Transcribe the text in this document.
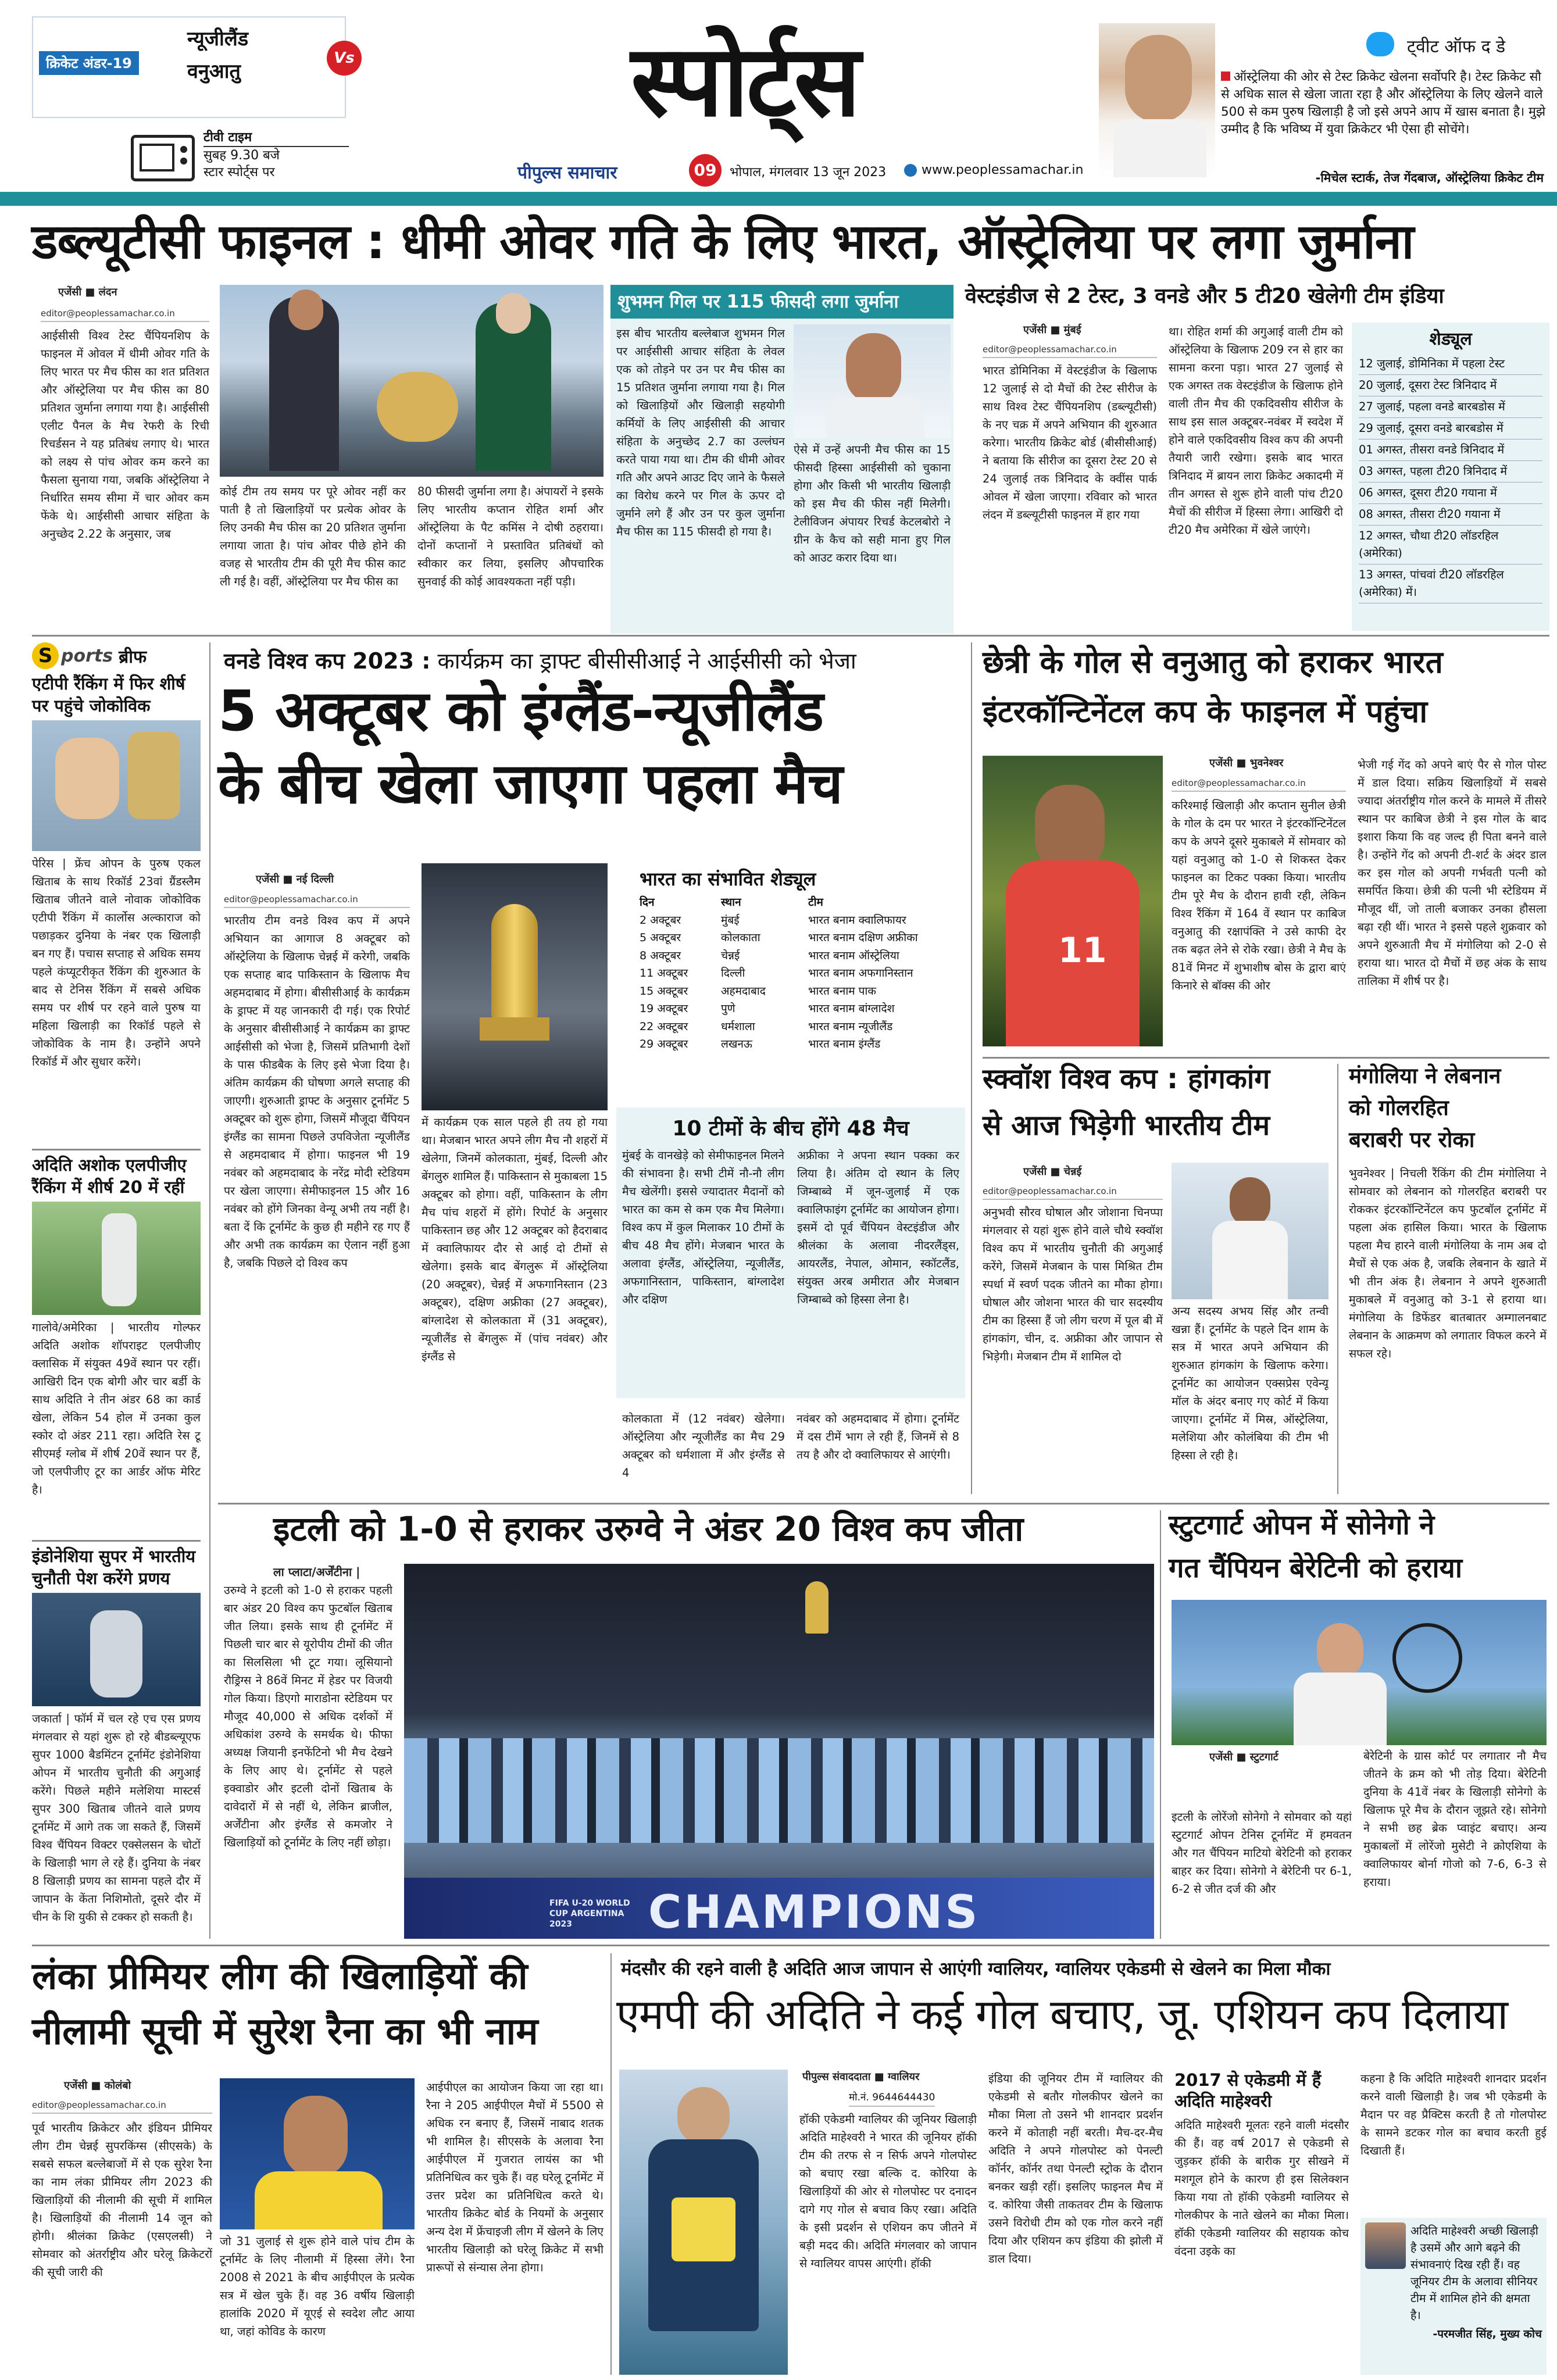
क्रिकेट अंडर-19
न्यूजीलैंड
Vs
वनुआतु
टीवी टाइम
सुबह 9.30 बजे
स्टार स्पोर्ट्स पर
स्पोर्ट्स
पीपुल्स समाचार	09	भोपाल, मंगलवार 13 जून 2023	www.peoplessamachar.in
ट्वीट ऑफ द डे
ऑस्ट्रेलिया की ओर से टेस्ट क्रिकेट खेलना सर्वोपरि है। टेस्ट क्रिकेट सौ से अधिक साल से खेला जाता रहा है और ऑस्ट्रेलिया के लिए खेलने वाले 500 से कम पुरुष खिलाड़ी है जो इसे अपने आप में खास बनाता है। मुझे उम्मीद है कि भविष्य में युवा क्रिकेटर भी ऐसा ही सोचेंगे।
-मिचेल स्टार्क, तेज गेंदबाज, ऑस्ट्रेलिया क्रिकेट टीम
डब्ल्यूटीसी फाइनल : धीमी ओवर गति के लिए भारत, ऑस्ट्रेलिया पर लगा जुर्माना
एजेंसी ■ लंदन
editor@peoplessamachar.co.in
आईसीसी विश्व टेस्ट चैंपियनशिप के फाइनल में ओवल में धीमी ओवर गति के लिए भारत पर मैच फीस का शत प्रतिशत और ऑस्ट्रेलिया पर मैच फीस का 80 प्रतिशत जुर्माना लगाया गया है। आईसीसी एलीट पैनल के मैच रेफरी के रिची रिचर्डसन ने यह प्रतिबंध लगाए थे। भारत को लक्ष्य से पांच ओवर कम करने का फैसला सुनाया गया, जबकि ऑस्ट्रेलिया ने निर्धारित समय सीमा में चार ओवर कम फेंके थे। आईसीसी आचार संहिता के अनुच्छेद 2.22 के अनुसार, जब
कोई टीम तय समय पर पूरे ओवर नहीं कर पाती है तो खिलाड़ियों पर प्रत्येक ओवर के लिए उनकी मैच फीस का 20 प्रतिशत जुर्माना लगाया जाता है। पांच ओवर पीछे होने की वजह से भारतीय टीम की पूरी मैच फीस काट ली गई है। वहीं, ऑस्ट्रेलिया पर मैच फीस का
80 फीसदी जुर्माना लगा है। अंपायरों ने इसके लिए भारतीय कप्तान रोहित शर्मा और ऑस्ट्रेलिया के पैट कमिंस ने दोषी ठहराया। दोनों कप्तानों ने प्रस्तावित प्रतिबंधों को स्वीकार कर लिया, इसलिए औपचारिक सुनवाई की कोई आवश्यकता नहीं पड़ी।
शुभमन गिल पर 115 फीसदी लगा जुर्माना
इस बीच भारतीय बल्लेबाज शुभमन गिल पर आईसीसी आचार संहिता के लेवल एक को तोड़ने पर उन पर मैच फीस का 15 प्रतिशत जुर्माना लगाया गया है। गिल को खिलाड़ियों और खिलाड़ी सहयोगी कर्मियों के लिए आईसीसी की आचार संहिता के अनुच्छेद 2.7 का उल्लंघन करते पाया गया था। टीम की धीमी ओवर गति और अपने आउट दिए जाने के फैसले का विरोध करने पर गिल के ऊपर दो जुर्माने लगे हैं और उन पर कुल जुर्माना मैच फीस का 115 फीसदी हो गया है।
ऐसे में उन्हें अपनी मैच फीस का 15 फीसदी हिस्सा आईसीसी को चुकाना होगा और किसी भी भारतीय खिलाड़ी को इस मैच की फीस नहीं मिलेगी। टेलीविजन अंपायर रिचर्ड केटलबोरो ने ग्रीन के कैच को सही माना हुए गिल को आउट करार दिया था।
वेस्टइंडीज से 2 टेस्ट, 3 वनडे और 5 टी20 खेलेगी टीम इंडिया
एजेंसी ■ मुंबई
editor@peoplessamachar.co.in
भारत डोमिनिका में वेस्टइंडीज के खिलाफ 12 जुलाई से दो मैचों की टेस्ट सीरीज के साथ विश्व टेस्ट चैंपियनशिप (डब्ल्यूटीसी) के नए चक्र में अपने अभियान की शुरुआत करेगा। भारतीय क्रिकेट बोर्ड (बीसीसीआई) ने बताया कि सीरीज का दूसरा टेस्ट 20 से 24 जुलाई तक त्रिनिदाद के क्वींस पार्क ओवल में खेला जाएगा। रविवार को भारत लंदन में डब्ल्यूटीसी फाइनल में हार गया
था। रोहित शर्मा की अगुआई वाली टीम को ऑस्ट्रेलिया के खिलाफ 209 रन से हार का सामना करना पड़ा। भारत 27 जुलाई से एक अगस्त तक वेस्टइंडीज के खिलाफ होने वाली तीन मैच की एकदिवसीय सीरीज के साथ इस साल अक्टूबर-नवंबर में स्वदेश में होने वाले एकदिवसीय विश्व कप की अपनी तैयारी जारी रखेगा। इसके बाद भारत त्रिनिदाद में ब्रायन लारा क्रिकेट अकादमी में तीन अगस्त से शुरू होने वाली पांच टी20 मैचों की सीरीज में हिस्सा लेगा। आखिरी दो टी20 मैच अमेरिका में खेले जाएंगे।
शेड्यूल
12 जुलाई, डोमिनिका में पहला टेस्ट
20 जुलाई, दूसरा टेस्ट त्रिनिदाद में
27 जुलाई, पहला वनडे बारबडोस में
29 जुलाई, दूसरा वनडे बारबडोस में
01 अगस्त, तीसरा वनडे त्रिनिदाद में
03 अगस्त, पहला टी20 त्रिनिदाद में
06 अगस्त, दूसरा टी20 गयाना में
08 अगस्त, तीसरा टी20 गयाना में
12 अगस्त, चौथा टी20 लॉडरहिल (अमेरिका)
13 अगस्त, पांचवां टी20 लॉडरहिल (अमेरिका) में।
S ports ब्रीफ
एटीपी रैंकिंग में फिर शीर्ष पर पहुंचे जोकोविक

पेरिस | फ्रेंच ओपन के पुरुष एकल खिताब के साथ रिकॉर्ड 23वां ग्रैंडस्लैम खिताब जीतने वाले नोवाक जोकोविक एटीपी रैंकिंग में कार्लोस अल्काराज को पछाड़कर दुनिया के नंबर एक खिलाड़ी बन गए हैं। पचास सप्ताह से अधिक समय पहले कंप्यूटरीकृत रैंकिंग की शुरुआत के बाद से टेनिस रैंकिंग में सबसे अधिक समय पर शीर्ष पर रहने वाले पुरुष या महिला खिलाड़ी का रिकॉर्ड पहले से जोकोविक के नाम है। उन्होंने अपने रिकॉर्ड में और सुधार करेंगे।
अदिति अशोक एलपीजीए रैंकिंग में शीर्ष 20 में रहीं
गालोवे/अमेरिका | भारतीय गोल्फर अदिति अशोक शॉपराइट एलपीजीए क्लासिक में संयुक्त 49वें स्थान पर रहीं। आखिरी दिन एक बोगी और चार बर्डी के साथ अदिति ने तीन अंडर 68 का कार्ड खेला, लेकिन 54 होल में उनका कुल स्कोर दो अंडर 211 रहा। अदिति रेस टू सीएमई ग्लोब में शीर्ष 20वें स्थान पर हैं, जो एलपीजीए टूर का आर्डर ऑफ मेरिट है।
इंडोनेशिया सुपर में भारतीय चुनौती पेश करेंगे प्रणय
जकार्ता | फॉर्म में चल रहे एच एस प्रणय मंगलवार से यहां शुरू हो रहे बीडब्ल्यूएफ सुपर 1000 बैडमिंटन टूर्नामेंट इंडोनेशिया ओपन में भारतीय चुनौती की अगुआई करेंगे। पिछले महीने मलेशिया मास्टर्स सुपर 300 खिताब जीतने वाले प्रणय टूर्नामेंट में आगे तक जा सकते हैं, जिसमें विश्व चैंपियन विक्टर एक्सेलसन के चोटों के खिलाड़ी भाग ले रहे हैं। दुनिया के नंबर 8 खिलाड़ी प्रणय का सामना पहले दौर में जापान के केंता निशिमोतो, दूसरे दौर में चीन के शि युकी से टक्कर हो सकती है।
वनडे विश्व कप 2023 : कार्यक्रम का ड्राफ्ट बीसीसीआई ने आईसीसी को भेजा
5 अक्टूबर को इंग्लैंड-न्यूजीलैंड
के बीच खेला जाएगा पहला मैच
एजेंसी ■ नई दिल्ली
editor@peoplessamachar.co.in
भारतीय टीम वनडे विश्व कप में अपने अभियान का आगाज 8 अक्टूबर को ऑस्ट्रेलिया के खिलाफ चेन्नई में करेगी, जबकि एक सप्ताह बाद पाकिस्तान के खिलाफ मैच अहमदाबाद में होगा। बीसीसीआई के कार्यक्रम के ड्राफ्ट में यह जानकारी दी गई। एक रिपोर्ट के अनुसार बीसीसीआई ने कार्यक्रम का ड्राफ्ट आईसीसी को भेजा है, जिसमें प्रतिभागी देशों के पास फीडबैक के लिए इसे भेजा दिया है। अंतिम कार्यक्रम की घोषणा अगले सप्ताह की जाएगी। शुरुआती ड्राफ्ट के अनुसार टूर्नामेंट 5 अक्टूबर को शुरू होगा, जिसमें मौजूदा चैंपियन इंग्लैंड का सामना पिछले उपविजेता न्यूजीलैंड से अहमदाबाद में होगा। फाइनल भी 19 नवंबर को अहमदाबाद के नरेंद्र मोदी स्टेडियम पर खेला जाएगा। सेमीफाइनल 15 और 16 नवंबर को होंगे जिनका वेन्यू अभी तय नहीं है। बता दें कि टूर्नामेंट के कुछ ही महीने रह गए हैं और अभी तक कार्यक्रम का ऐलान नहीं हुआ है, जबकि पिछले दो विश्व कप
भारत का संभावित शेड्यूल
दिन	स्थान	टीम
2 अक्टूबर	मुंबई	भारत बनाम क्वालिफायर
5 अक्टूबर	कोलकाता	भारत बनाम दक्षिण अफ्रीका
8 अक्टूबर	चेन्नई	भारत बनाम ऑस्ट्रेलिया
11 अक्टूबर	दिल्ली	भारत बनाम अफगानिस्तान
15 अक्टूबर	अहमदाबाद	भारत बनाम पाक
19 अक्टूबर	पुणे	भारत बनाम बांग्लादेश
22 अक्टूबर	धर्मशाला	भारत बनाम न्यूजीलैंड
29 अक्टूबर	लखनऊ	भारत बनाम इंग्लैंड
में कार्यक्रम एक साल पहले ही तय हो गया था। मेजबान भारत अपने लीग मैच नौ शहरों में खेलेगा, जिनमें कोलकाता, मुंबई, दिल्ली और बेंगलुरु शामिल हैं। पाकिस्तान से मुकाबला 15 अक्टूबर को होगा। वहीं, पाकिस्तान के लीग मैच पांच शहरों में होंगे। रिपोर्ट के अनुसार पाकिस्तान छह और 12 अक्टूबर को हैदराबाद में क्वालिफायर दौर से आई दो टीमों से खेलेगा। इसके बाद बेंगलुरू में ऑस्ट्रेलिया (20 अक्टूबर), चेन्नई में अफगानिस्तान (23 अक्टूबर), दक्षिण अफ्रीका (27 अक्टूबर), बांग्लादेश से कोलकाता में (31 अक्टूबर), न्यूजीलैंड से बेंगलुरू में (पांच नवंबर) और इंग्लैंड से
10 टीमों के बीच होंगे 48 मैच
मुंबई के वानखेड़े को सेमीफाइनल मिलने की संभावना है। सभी टीमें नौ-नौ लीग मैच खेलेंगी। इससे ज्यादातर मैदानों को भारत का कम से कम एक मैच मिलेगा। विश्व कप में कुल मिलाकर 10 टीमों के बीच 48 मैच होंगे। मेजबान भारत के अलावा इंग्लैंड, ऑस्ट्रेलिया, न्यूजीलैंड, अफगानिस्तान, पाकिस्तान, बांग्लादेश और दक्षिण
अफ्रीका ने अपना स्थान पक्का कर लिया है। अंतिम दो स्थान के लिए जिम्बाब्वे में जून-जुलाई में एक क्वालिफाइंग टूर्नामेंट का आयोजन होगा। इसमें दो पूर्व चैंपियन वेस्टइंडीज और श्रीलंका के अलावा नीदरलैंड्स, आयरलैंड, नेपाल, ओमान, स्कॉटलैंड, संयुक्त अरब अमीरात और मेजबान जिम्बाब्वे को हिस्सा लेना है।
कोलकाता में (12 नवंबर) खेलेगा। ऑस्ट्रेलिया और न्यूजीलैंड का मैच 29 अक्टूबर को धर्मशाला में और इंग्लैंड से 4
नवंबर को अहमदाबाद में होगा। टूर्नामेंट में दस टीमें भाग ले रही हैं, जिनमें से 8 तय है और दो क्वालिफायर से आएंगी।
छेत्री के गोल से वनुआतु को हराकर भारत
इंटरकॉन्टिनेंटल कप के फाइनल में पहुंचा
11
एजेंसी ■ भुवनेश्वर
editor@peoplessamachar.co.in
करिश्माई खिलाड़ी और कप्तान सुनील छेत्री के गोल के दम पर भारत ने इंटरकॉन्टिनेंटल कप के अपने दूसरे मुकाबले में सोमवार को यहां वनुआतु को 1-0 से शिकस्त देकर फाइनल का टिकट पक्का किया। भारतीय टीम पूरे मैच के दौरान हावी रही, लेकिन विश्व रैंकिंग में 164 वें स्थान पर काबिज वनुआतु की रक्षापंक्ति ने उसे काफी देर तक बढ़त लेने से रोके रखा। छेत्री ने मैच के 81वें मिनट में शुभाशीष बोस के द्वारा बाएं किनारे से बॉक्स की ओर
भेजी गई गेंद को अपने बाएं पैर से गोल पोस्ट में डाल दिया। सक्रिय खिलाड़ियों में सबसे ज्यादा अंतर्राष्ट्रीय गोल करने के मामले में तीसरे स्थान पर काबिज छेत्री ने इस गोल के बाद इशारा किया कि वह जल्द ही पिता बनने वाले है। उन्होंने गेंद को अपनी टी-शर्ट के अंदर डाल कर इस गोल को अपनी गर्भवती पत्नी को समर्पित किया। छेत्री की पत्नी भी स्टेडियम में मौजूद थीं, जो ताली बजाकर उनका हौसला बढ़ा रही थीं। भारत ने इससे पहले शुक्रवार को अपने शुरुआती मैच में मंगोलिया को 2-0 से हराया था। भारत दो मैचों में छह अंक के साथ तालिका में शीर्ष पर है।
स्क्वॉश विश्व कप : हांगकांग
से आज भिड़ेगी भारतीय टीम
एजेंसी ■ चेन्नई
editor@peoplessamachar.co.in
अनुभवी सौरव घोषाल और जोशाना चिनप्पा मंगलवार से यहां शुरू होने वाले चौथे स्क्वॉश विश्व कप में भारतीय चुनौती की अगुआई करेंगे, जिसमें मेजबान के पास मिश्रित टीम स्पर्धा में स्वर्ण पदक जीतने का मौका होगा। घोषाल और जोशना भारत की चार सदस्यीय टीम का हिस्सा हैं जो लीग चरण में पूल बी में हांगकांग, चीन, द. अफ्रीका और जापान से भिड़ेगी। मेजबान टीम में शामिल दो
अन्य सदस्य अभय सिंह और तन्वी खन्ना हैं। टूर्नामेंट के पहले दिन शाम के सत्र में भारत अपने अभियान की शुरुआत हांगकांग के खिलाफ करेगा। टूर्नामेंट का आयोजन एक्सप्रेस एवेन्यू मॉल के अंदर बनाए गए कोर्ट में किया जाएगा। टूर्नामेंट में मिस्र, ऑस्ट्रेलिया, मलेशिया और कोलंबिया की टीम भी हिस्सा ले रही है।
मंगोलिया ने लेबनान
को गोलरहित
बराबरी पर रोका
भुवनेश्वर | निचली रैंकिंग की टीम मंगोलिया ने सोमवार को लेबनान को गोलरहित बराबरी पर रोककर इंटरकॉन्टिनेंटल कप फुटबॉल टूर्नामेंट में पहला अंक हासिल किया। भारत के खिलाफ पहला मैच हारने वाली मंगोलिया के नाम अब दो मैचों से एक अंक है, जबकि लेबनान के खाते में भी तीन अंक है। लेबनान ने अपने शुरुआती मुकाबले में वनुआतु को 3-1 से हराया था। मंगोलिया के डिफेंडर बातबातर अम्गालनबाट लेबनान के आक्रमण को लगातार विफल करने में सफल रहे।
इटली को 1-0 से हराकर उरुग्वे ने अंडर 20 विश्व कप जीता
ला प्लाटा/अर्जेंटीना |
उरुग्वे ने इटली को 1-0 से हराकर पहली बार अंडर 20 विश्व कप फुटबॉल खिताब जीत लिया। इसके साथ ही टूर्नामेंट में पिछली चार बार से यूरोपीय टीमों की जीत का सिलसिला भी टूट गया। लूसियानो रौड्रिग्स ने 86वें मिनट में हेडर पर विजयी गोल किया। डिएगो माराडोना स्टेडियम पर मौजूद 40,000 से अधिक दर्शकों में अधिकांश उरुग्वे के समर्थक थे। फीफा अध्यक्ष जियानी इनफेंटिनो भी मैच देखने के लिए आए थे। टूर्नामेंट से पहले इक्वाडोर और इटली दोनों खिताब के दावेदारों में से नहीं थे, लेकिन ब्राजील, अर्जेंटीना और इंग्लैंड से कमजोर ने खिलाड़ियों को टूर्नामेंट के लिए नहीं छोड़ा।
CHAMPIONS
FIFA U-20 WORLD CUP ARGENTINA 2023
स्टुटगार्ट ओपन में सोनेगो ने
गत चैंपियन बेरेटिनी को हराया
एजेंसी ■ स्टुटगार्ट
इटली के लोरेंजो सोनेगो ने सोमवार को यहां स्टुटगार्ट ओपन टेनिस टूर्नामेंट में हमवतन और गत चैंपियन माटियो बेरेटिनी को हराकर बाहर कर दिया। सोनेगो ने बेरेटिनी पर 6-1, 6-2 से जीत दर्ज की और
बेरेटिनी के ग्रास कोर्ट पर लगातार नौ मैच जीतने के क्रम को भी तोड़ दिया। बेरेटिनी दुनिया के 41वें नंबर के खिलाड़ी सोनेगो के खिलाफ पूरे मैच के दौरान जूझते रहे। सोनेगो ने सभी छह ब्रेक प्वाइंट बचाए। अन्य मुकाबलों में लोरेंजो मुसेटी ने क्रोएशिया के क्वालिफायर बोर्ना गोजो को 7-6, 6-3 से हराया।
लंका प्रीमियर लीग की खिलाड़ियों की
नीलामी सूची में सुरेश रैना का भी नाम
एजेंसी ■ कोलंबो
editor@peoplessamachar.co.in
पूर्व भारतीय क्रिकेटर और इंडियन प्रीमियर लीग टीम चेन्नई सुपरकिंग्स (सीएसके) के सबसे सफल बल्लेबाजों में से एक सुरेश रैना का नाम लंका प्रीमियर लीग 2023 की खिलाड़ियों की नीलामी की सूची में शामिल है। खिलाड़ियों की नीलामी 14 जून को होगी। श्रीलंका क्रिकेट (एसएलसी) ने सोमवार को अंतर्राष्ट्रीय और घरेलू क्रिकेटरों की सूची जारी की
जो 31 जुलाई से शुरू होने वाले पांच टीम के टूर्नामेंट के लिए नीलामी में हिस्सा लेंगे। रैना 2008 से 2021 के बीच आईपीएल के प्रत्येक सत्र में खेल चुके हैं। वह 36 वर्षीय खिलाड़ी हालांकि 2020 में यूएई से स्वदेश लौट आया था, जहां कोविड के कारण
आईपीएल का आयोजन किया जा रहा था। रैना ने 205 आईपीएल मैचों में 5500 से अधिक रन बनाए हैं, जिसमें नाबाद शतक भी शामिल है। सीएसके के अलावा रैना आईपीएल में गुजरात लायंस का भी प्रतिनिधित्व कर चुके हैं। वह घरेलू टूर्नामेंट में उत्तर प्रदेश का प्रतिनिधित्व करते थे। भारतीय क्रिकेट बोर्ड के नियमों के अनुसार अन्य देश में फ्रेंचाइजी लीग में खेलने के लिए भारतीय खिलाड़ी को घरेलू क्रिकेट में सभी प्रारूपों से संन्यास लेना होगा।
मंदसौर की रहने वाली है अदिति आज जापान से आएंगी ग्वालियर, ग्वालियर एकेडमी से खेलने का मिला मौका
एमपी की अदिति ने कई गोल बचाए, जू. एशियन कप दिलाया
पीपुल्स संवाददाता ■ ग्वालियर
मो.नं. 9644644430
हॉकी एकेडमी ग्वालियर की जूनियर खिलाड़ी अदिति माहेश्वरी ने भारत की जूनियर हॉकी टीम की तरफ से न सिर्फ अपने गोलपोस्ट को बचाए रखा बल्कि द. कोरिया के खिलाड़ियों की ओर से गोलपोस्ट पर दनादन दागे गए गोल से बचाव किए रखा। अदिति के इसी प्रदर्शन से एशियन कप जीतने में बड़ी मदद की। अदिति मंगलवार को जापान से ग्वालियर वापस आएंगी। हॉकी
इंडिया की जूनियर टीम में ग्वालियर की एकेडमी से बतौर गोलकीपर खेलने का मौका मिला तो उसने भी शानदार प्रदर्शन करने में कोताही नहीं बरती। मैच-दर-मैच अदिति ने अपने गोलपोस्ट को पेनल्टी कॉर्नर, कॉर्नर तथा पेनल्टी स्ट्रोक के दौरान बनकर खड़ी रहीं। इसलिए फाइनल मैच में द. कोरिया जैसी ताकतवर टीम के खिलाफ उसने विरोधी टीम को एक गोल करने नहीं दिया और एशियन कप इंडिया की झोली में डाल दिया।
2017 से एकेडमी में हैं
अदिति माहेश्वरी
अदिति माहेश्वरी मूलतः रहने वाली मंदसौर की हैं। वह वर्ष 2017 से एकेडमी से जुड़कर हॉकी के बारीक गुर सीखने में मशगूल होने के कारण ही इस सिलेक्शन किया गया तो हॉकी एकेडमी ग्वालियर से गोलकीपर के नाते खेलने का मौका मिला। हॉकी एकेडमी ग्वालियर की सहायक कोच वंदना उइके का
कहना है कि अदिति माहेश्वरी शानदार प्रदर्शन करने वाली खिलाड़ी है। जब भी एकेडमी के मैदान पर वह प्रैक्टिस करती है तो गोलपोस्ट के सामने डटकर गोल का बचाव करती हुई दिखाती हैं।
अदिति माहेश्वरी अच्छी खिलाड़ी है उसमें और आगे बढ़ने की संभावनाएं दिख रही हैं। वह जूनियर टीम के अलावा सीनियर टीम में शामिल होने की क्षमता है।
-परमजीत सिंह, मुख्य कोच
